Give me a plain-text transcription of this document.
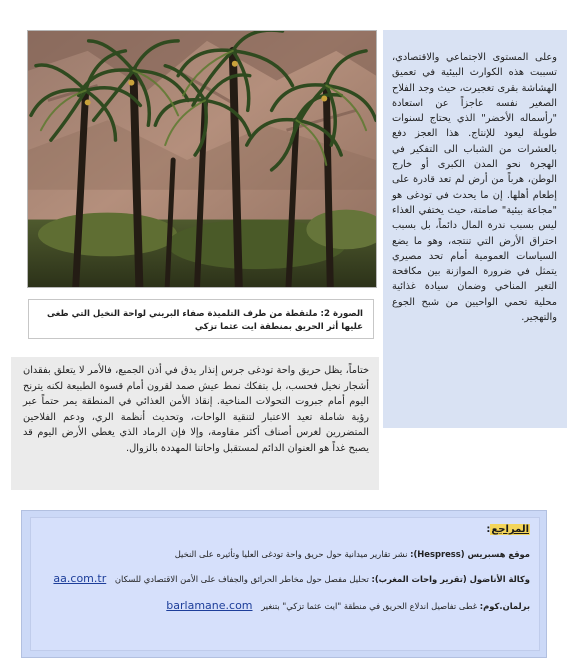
الصورة 2: ملتقطة من طرف التلميذة صفاء البريني لواحة النخيل التي طغى عليها أثر الحريق بمنطقة ايت عثما تزكي
وعلى المستوى الاجتماعي والاقتصادي، تسببت هذه الكوارث البيئية في تعميق الهشاشة بقرى تغجيرت، حيث وجد الفلاح الصغير نفسه عاجزاً عن استعادة "رأسماله الأخضر" الذي يحتاج لسنوات طويلة ليعود للإنتاج. هذا العجز دفع بالعشرات من الشباب الى التفكير في الهجرة نحو المدن الكبرى أو خارج الوطن، هرباً من أرض لم تعد قادرة على إطعام أهلها. إن ما يحدث في تودغى هو "مجاعة بيئية" صامتة، حيث يختفي الغذاء ليس بسبب ندرة المال دائماً، بل بسبب احتراق الأرض التي تنتجه، وهو ما يضع السياسات العمومية أمام تحد مصيري يتمثل في ضرورة الموازنة بين مكافحة التغير المناخي وضمان سيادة غذائية محلية تحمي الواحيين من شبح الجوع والتهجير.
ختاماً، يظل حريق واحة تودغى جرس إنذار يدق في أذن الجميع، فالأمر لا يتعلق بفقدان أشجار نخيل فحسب، بل بتفكك نمط عيش صمد لقرون أمام قسوة الطبيعة لكنه يترنح اليوم أمام جبروت التحولات المناخية. إنقاذ الأمن الغذائي في المنطقة يمر حتماً عبر رؤية شاملة تعيد الاعتبار لتنقية الواحات، وتحديث أنظمة الري، ودعم الفلاحين المتضررين لغرس أصناف أكثر مقاومة، وإلا فإن الرماد الذي يغطي الأرض اليوم قد يصبح غداً هو العنوان الدائم لمستقبل واحاتنا المهددة بالزوال.
المراجع:
موقع هسبريس (Hespress): نشر تقارير ميدانية حول حريق واحة تودغى العليا وتأثيره على النخيل
وكالة الأناضول (تقرير واحات المغرب): تحليل مفصل حول مخاطر الحرائق والجفاف على الأمن الاقتصادي للسكان aa.com.tr
برلمان.كوم: غطى تفاصيل اندلاع الحريق في منطقة "ايت عثما تزكي" بتنغير barlamane.com
